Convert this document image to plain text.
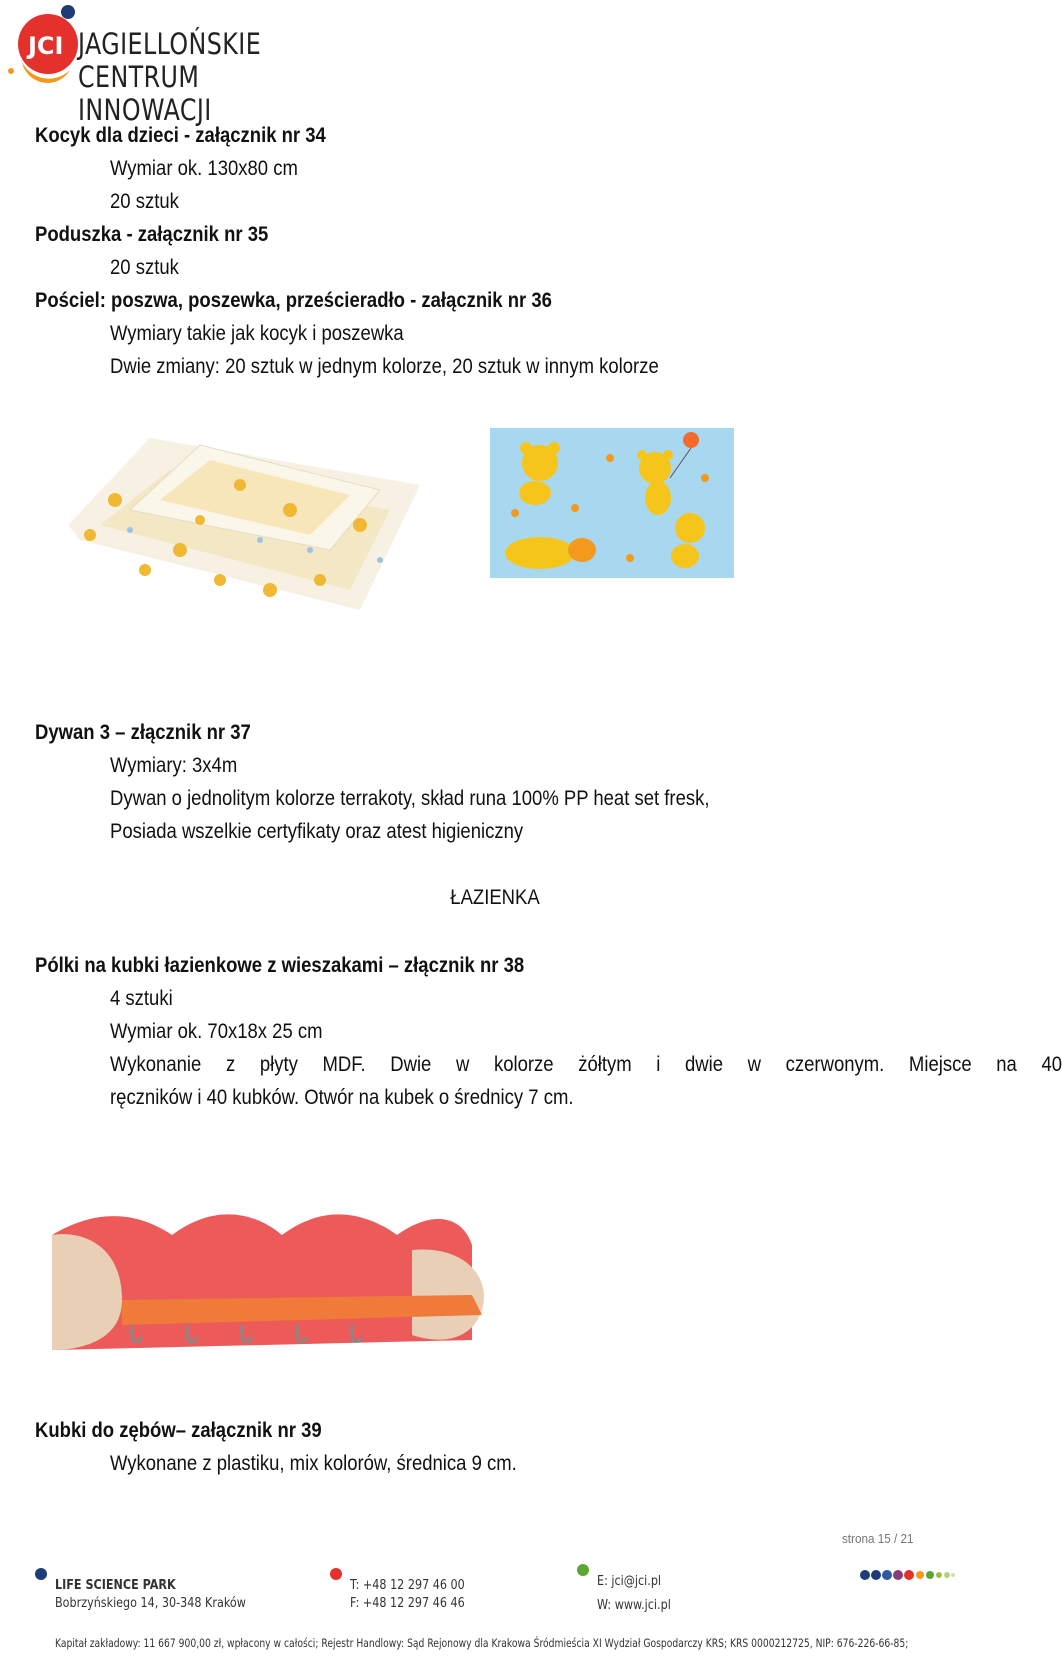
JCI JAGIELLOŃSKIE
CENTRUM INNOWACJI
Kocyk dla dzieci - załącznik nr 34
Wymiar ok. 130x80 cm
20 sztuk
Poduszka - załącznik nr 35
20 sztuk
Pościel: poszwa, poszewka, prześcieradło - załącznik nr 36
Wymiary takie jak kocyk i poszewka
Dwie zmiany: 20 sztuk w jednym kolorze, 20 sztuk w innym kolorze
Dywan 3 – złącznik nr 37
Wymiary: 3x4m
Dywan o jednolitym kolorze terrakoty, skład runa 100% PP heat set fresk,
Posiada wszelkie certyfikaty oraz atest higieniczny
ŁAZIENKA
Pólki na kubki łazienkowe z wieszakami – złącznik nr 38
4 sztuki
Wymiar ok. 70x18x 25 cm
Wykonanie z płyty MDF. Dwie w kolorze żółtym i dwie w czerwonym. Miejsce na 40
ręczników i 40 kubków. Otwór na kubek o średnicy 7 cm.
Kubki do zębów– załącznik nr 39
Wykonane z plastiku, mix kolorów, średnica 9 cm.
strona 15 / 21
LIFE SCIENCE PARK
Bobrzyńskiego 14, 30-348 Kraków
T: +48 12 297 46 00
F: +48 12 297 46 46
E: jci@jci.pl
W: www.jci.pl
Kapitał zakładowy: 11 667 900,00 zł, wpłacony w całości; Rejestr Handlowy: Sąd Rejonowy dla Krakowa Śródmieścia XI Wydział Gospodarczy KRS; KRS 0000212725, NIP: 676-226-66-85;
